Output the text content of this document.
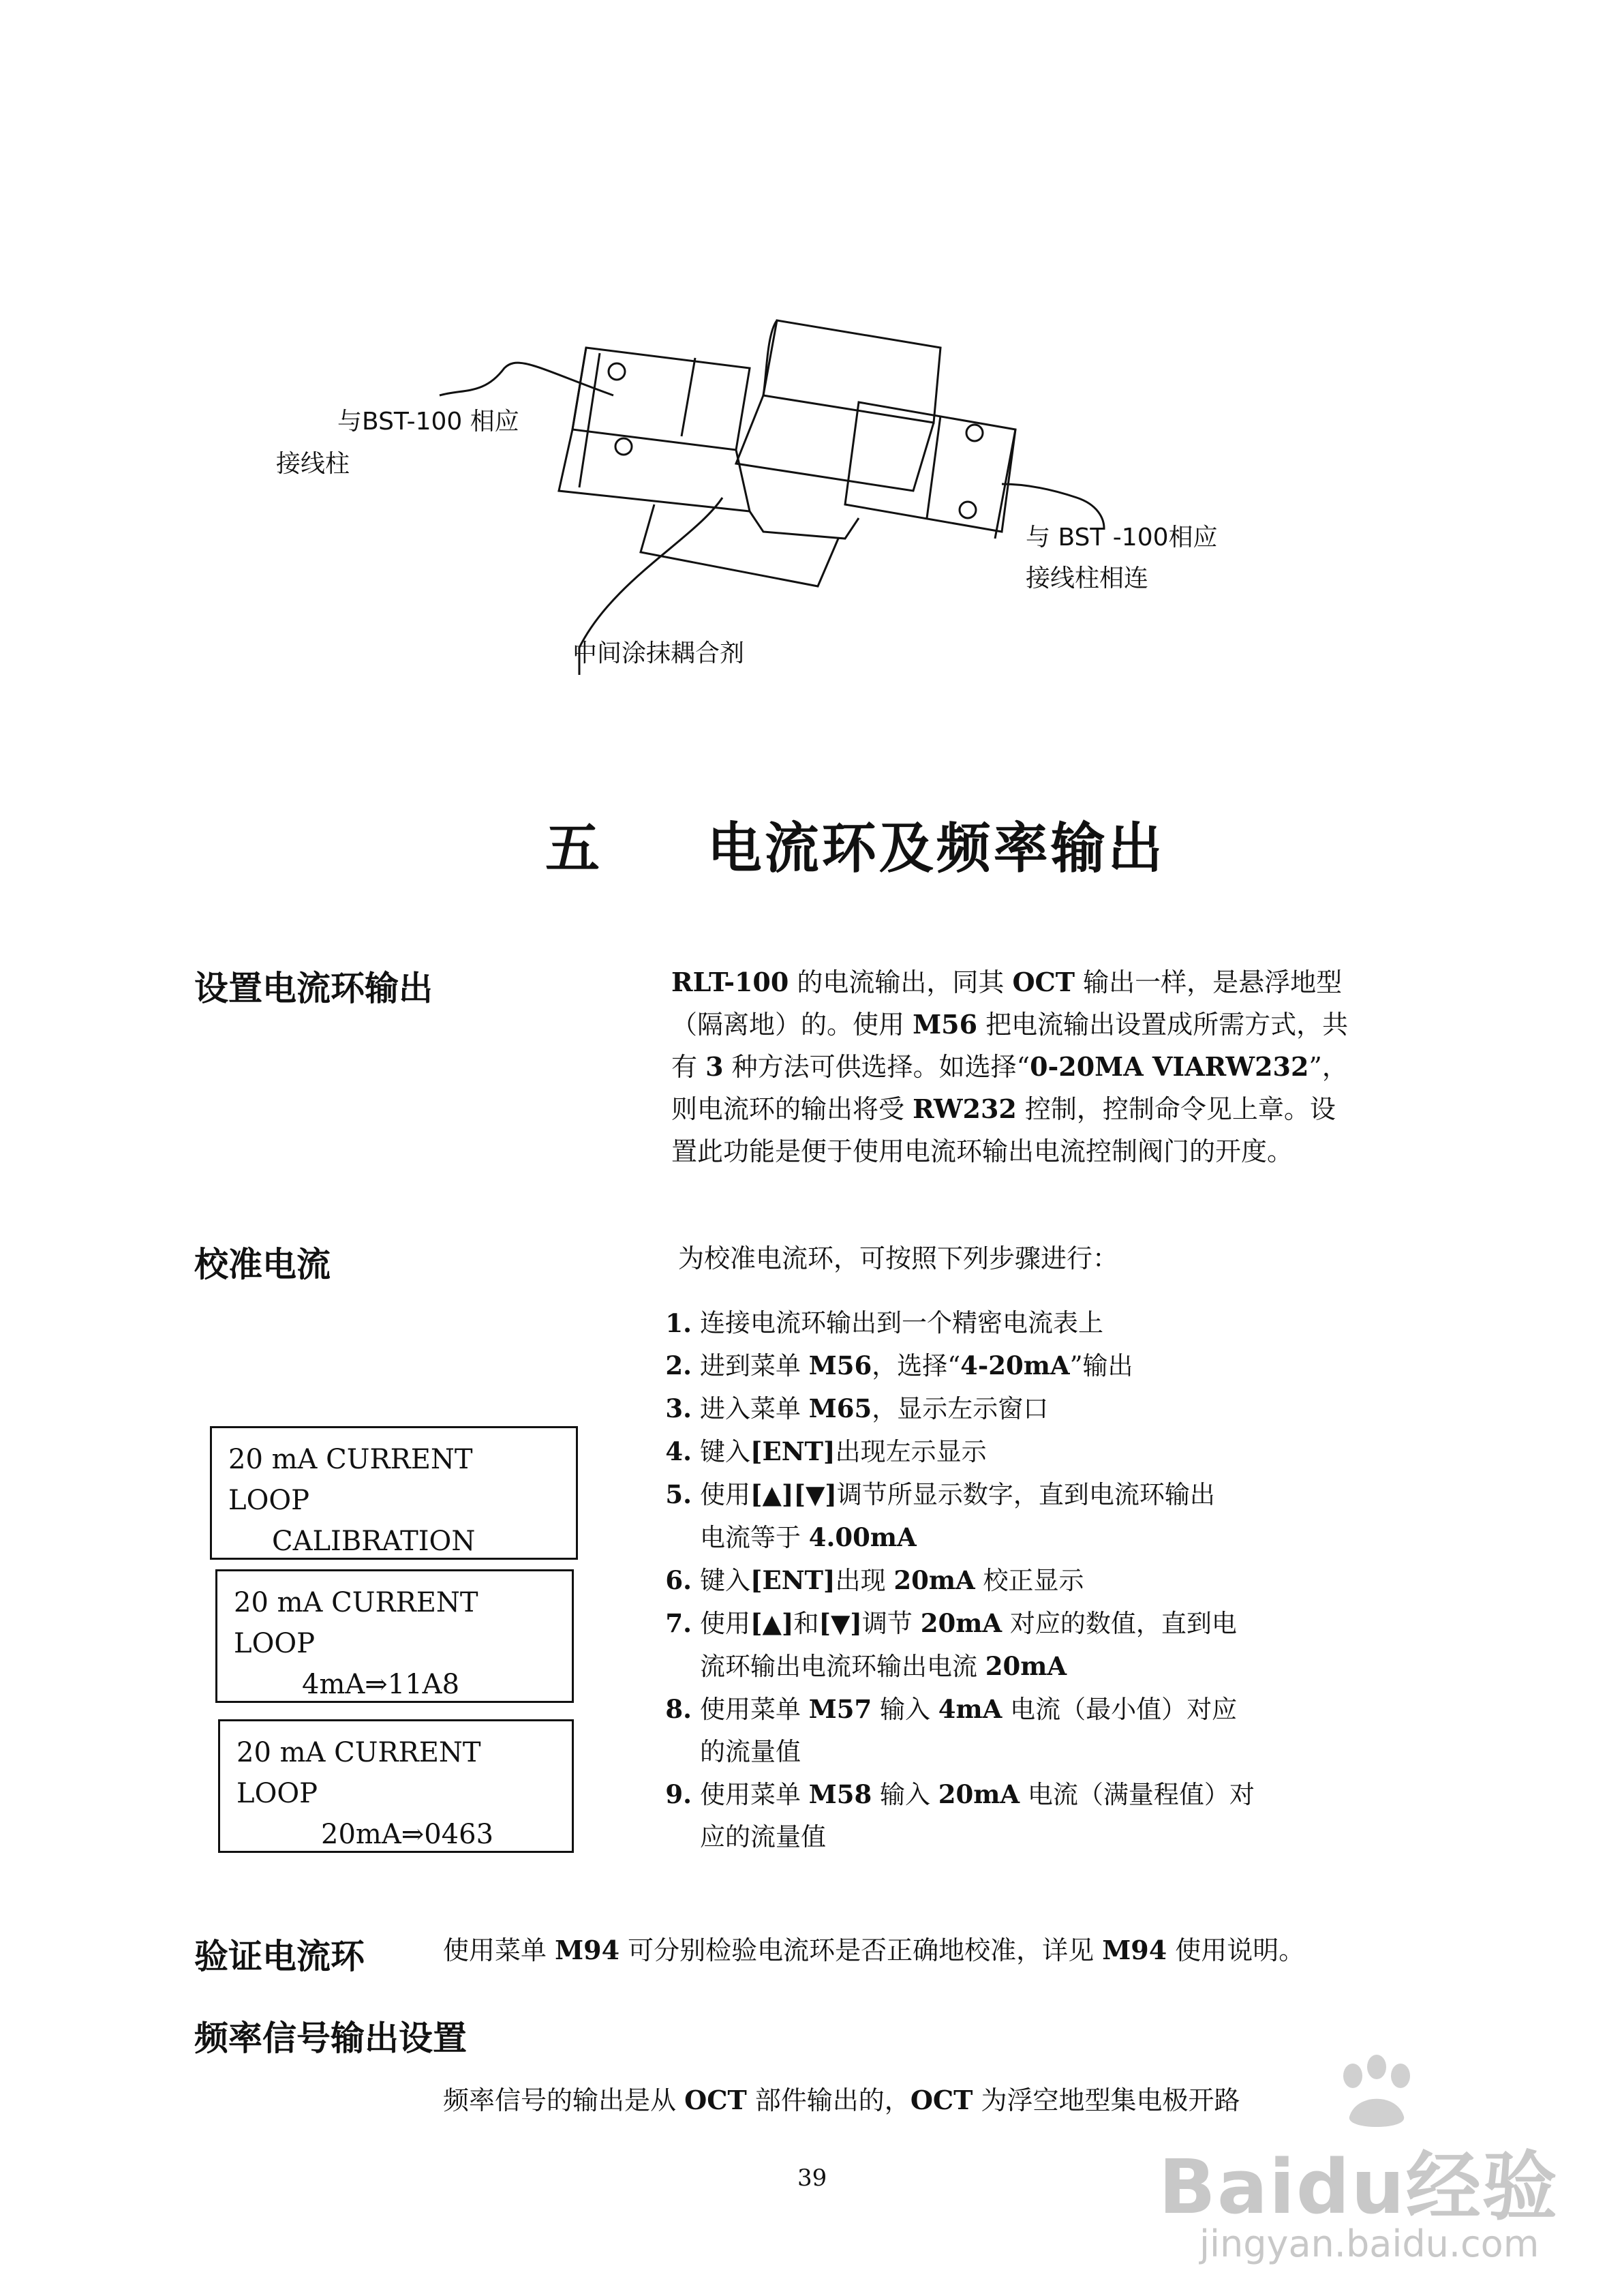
与BST-100 相应
接线柱
与 BST -100相应
接线柱相连
中间涂抹耦合剂
五 电流环及频率输出
设置电流环输出	RLT-100 的电流输出，同其 OCT 输出一样，是悬浮地型（隔离地）的。使用 M56 把电流输出设置成所需方式，共有 3 种方法可供选择。如选择“0-20MA VIARW232”，则电流环的输出将受 RW232 控制，控制命令见上章。设置此功能是便于使用电流环输出电流控制阀门的开度。
校准电流	为校准电流环，可按照下列步骤进行：
1. 连接电流环输出到一个精密电流表上
2. 进到菜单 M56，选择“4-20mA”输出
3. 进入菜单 M65，显示左示窗口
4. 键入[ENT]出现左示显示
5. 使用[▲][▼]调节所显示数字，直到电流环输出
电流等于 4.00mA
6. 键入[ENT]出现 20mA 校正显示
7. 使用[▲]和[▼]调节 20mA 对应的数值，直到电
流环输出电流环输出电流 20mA
8. 使用菜单 M57 输入 4mA 电流（最小值）对应
的流量值
9. 使用菜单 M58 输入 20mA 电流（满量程值）对
应的流量值
20 mA CURRENT LOOP

CALIBRATION
20 mA CURRENT LOOP

4mA⇒11A8
20 mA CURRENT LOOP

20mA⇒0463
验证电流环	使用菜单 M94 可分别检验电流环是否正确地校准，详见 M94 使用说明。
频率信号输出设置
频率信号的输出是从 OCT 部件输出的，OCT 为浮空地型集电极开路
39	Baidu经验
jingyan.baidu.com
